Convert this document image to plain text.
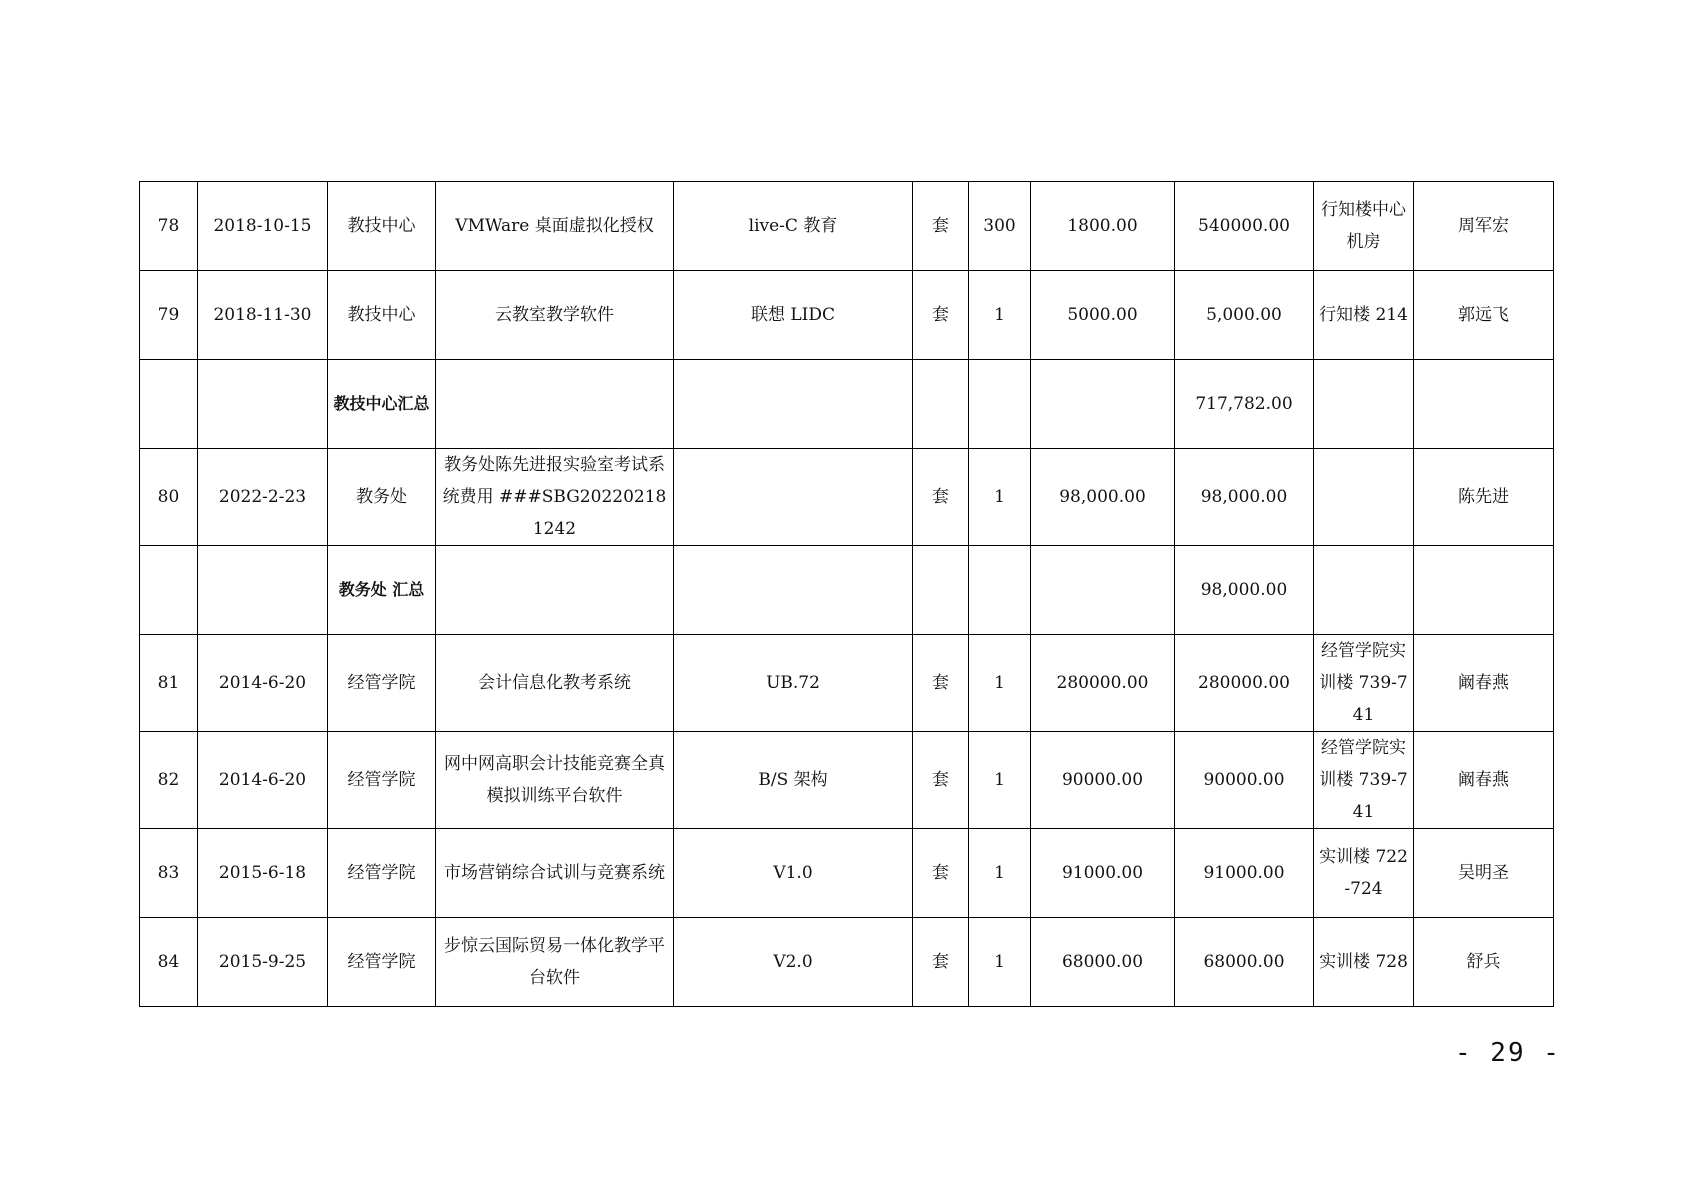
78	2018-10-15	教技中心	VMWare 桌面虚拟化授权	live-C 教育	套	300	1800.00	540000.00	行知楼中心机房	周军宏
79	2018-11-30	教技中心	云教室教学软件	联想 LIDC	套	1	5000.00	5,000.00	行知楼 214	郭远飞
		教技中心汇总						717,782.00		
80	2022-2-23	教务处	教务处陈先进报实验室考试系统费用 ###SBG202202181242		套	1	98,000.00	98,000.00		陈先进
		教务处 汇总						98,000.00		
81	2014-6-20	经管学院	会计信息化教考系统	UB.72	套	1	280000.00	280000.00	经管学院实训楼 739-741	阚春燕
82	2014-6-20	经管学院	网中网高职会计技能竞赛全真模拟训练平台软件	B/S 架构	套	1	90000.00	90000.00	经管学院实训楼 739-741	阚春燕
83	2015-6-18	经管学院	市场营销综合试训与竞赛系统	V1.0	套	1	91000.00	91000.00	实训楼 722-724	吴明圣
84	2015-9-25	经管学院	步惊云国际贸易一体化教学平台软件	V2.0	套	1	68000.00	68000.00	实训楼 728	舒兵
- 29 -
